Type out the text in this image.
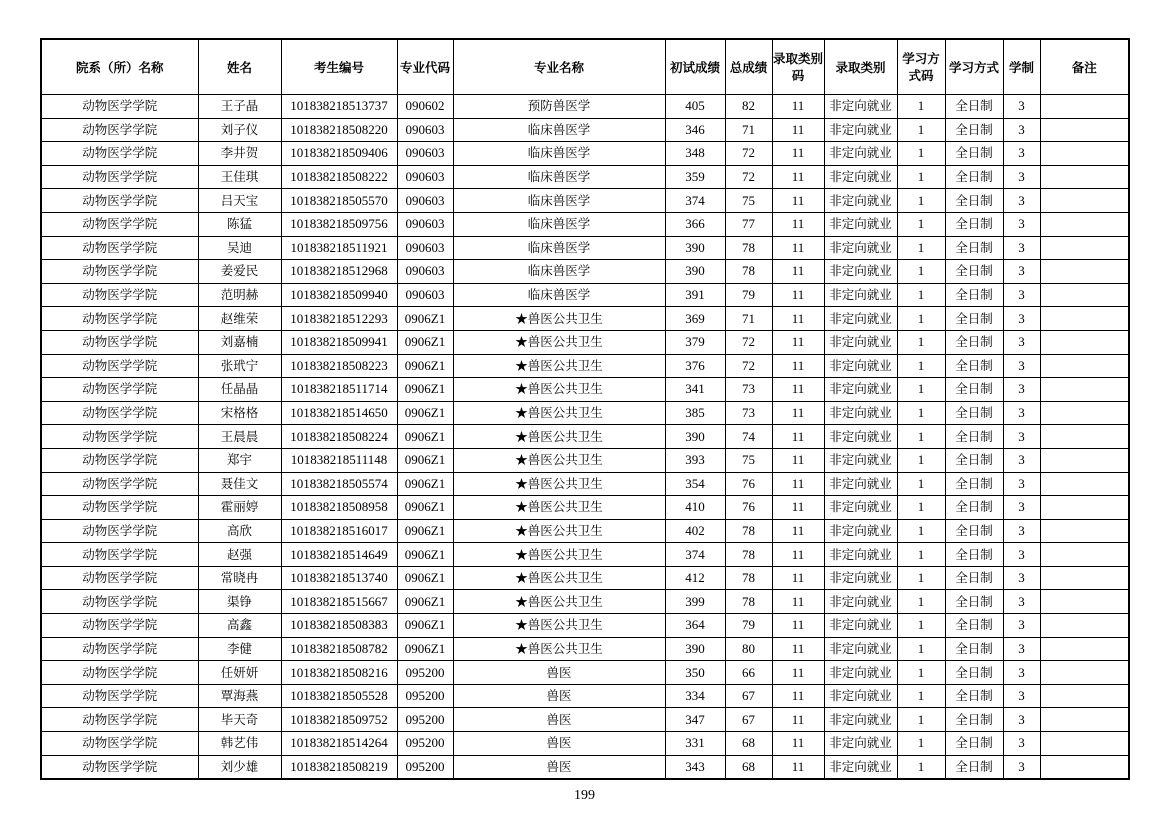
院系（所）名称	姓名	考生编号	专业代码	专业名称	初试成绩	总成绩	录取类别码	录取类别	学习方式码	学习方式	学制	备注
动物医学学院	王子晶	101838218513737	090602	预防兽医学	405	82	11	非定向就业	1	全日制	3	
动物医学学院	刘子仪	101838218508220	090603	临床兽医学	346	71	11	非定向就业	1	全日制	3	
动物医学学院	李井贺	101838218509406	090603	临床兽医学	348	72	11	非定向就业	1	全日制	3	
动物医学学院	王佳琪	101838218508222	090603	临床兽医学	359	72	11	非定向就业	1	全日制	3	
动物医学学院	吕天宝	101838218505570	090603	临床兽医学	374	75	11	非定向就业	1	全日制	3	
动物医学学院	陈猛	101838218509756	090603	临床兽医学	366	77	11	非定向就业	1	全日制	3	
动物医学学院	吴迪	101838218511921	090603	临床兽医学	390	78	11	非定向就业	1	全日制	3	
动物医学学院	姜爱民	101838218512968	090603	临床兽医学	390	78	11	非定向就业	1	全日制	3	
动物医学学院	范明赫	101838218509940	090603	临床兽医学	391	79	11	非定向就业	1	全日制	3	
动物医学学院	赵维荣	101838218512293	0906Z1	★兽医公共卫生	369	71	11	非定向就业	1	全日制	3	
动物医学学院	刘嘉楠	101838218509941	0906Z1	★兽医公共卫生	379	72	11	非定向就业	1	全日制	3	
动物医学学院	张玳宁	101838218508223	0906Z1	★兽医公共卫生	376	72	11	非定向就业	1	全日制	3	
动物医学学院	任晶晶	101838218511714	0906Z1	★兽医公共卫生	341	73	11	非定向就业	1	全日制	3	
动物医学学院	宋格格	101838218514650	0906Z1	★兽医公共卫生	385	73	11	非定向就业	1	全日制	3	
动物医学学院	王晨晨	101838218508224	0906Z1	★兽医公共卫生	390	74	11	非定向就业	1	全日制	3	
动物医学学院	郑宇	101838218511148	0906Z1	★兽医公共卫生	393	75	11	非定向就业	1	全日制	3	
动物医学学院	聂佳文	101838218505574	0906Z1	★兽医公共卫生	354	76	11	非定向就业	1	全日制	3	
动物医学学院	霍丽婷	101838218508958	0906Z1	★兽医公共卫生	410	76	11	非定向就业	1	全日制	3	
动物医学学院	高欣	101838218516017	0906Z1	★兽医公共卫生	402	78	11	非定向就业	1	全日制	3	
动物医学学院	赵强	101838218514649	0906Z1	★兽医公共卫生	374	78	11	非定向就业	1	全日制	3	
动物医学学院	常晓冉	101838218513740	0906Z1	★兽医公共卫生	412	78	11	非定向就业	1	全日制	3	
动物医学学院	渠铮	101838218515667	0906Z1	★兽医公共卫生	399	78	11	非定向就业	1	全日制	3	
动物医学学院	高鑫	101838218508383	0906Z1	★兽医公共卫生	364	79	11	非定向就业	1	全日制	3	
动物医学学院	李健	101838218508782	0906Z1	★兽医公共卫生	390	80	11	非定向就业	1	全日制	3	
动物医学学院	任妍妍	101838218508216	095200	兽医	350	66	11	非定向就业	1	全日制	3	
动物医学学院	覃海燕	101838218505528	095200	兽医	334	67	11	非定向就业	1	全日制	3	
动物医学学院	毕天奇	101838218509752	095200	兽医	347	67	11	非定向就业	1	全日制	3	
动物医学学院	韩艺伟	101838218514264	095200	兽医	331	68	11	非定向就业	1	全日制	3	
动物医学学院	刘少雄	101838218508219	095200	兽医	343	68	11	非定向就业	1	全日制	3	
199
